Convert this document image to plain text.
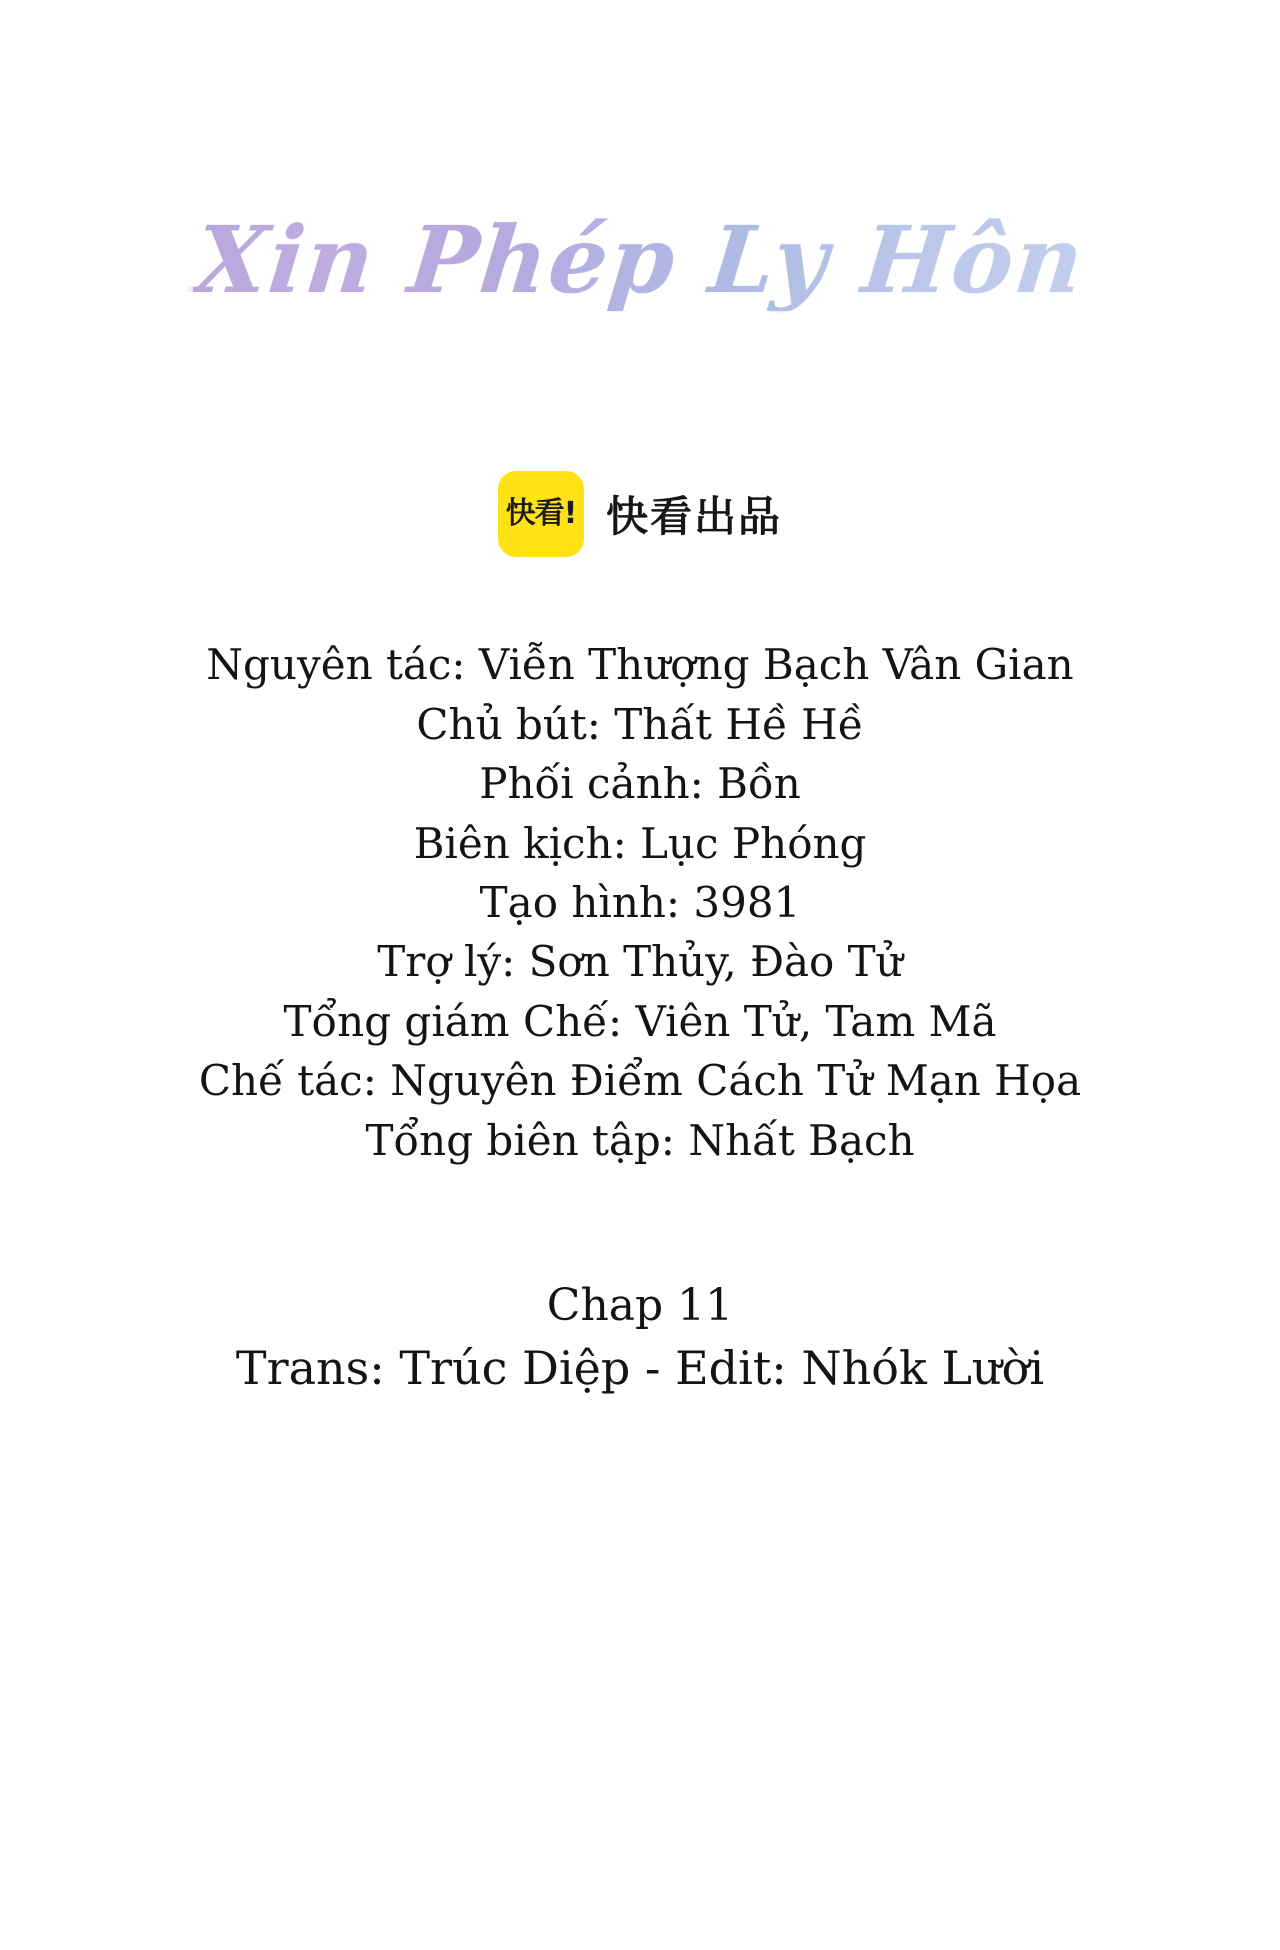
Xin Phép Ly Hôn
快看! 快看出品
Nguyên tác: Viễn Thượng Bạch Vân Gian
Chủ bút: Thất Hề Hề
Phối cảnh: Bồn
Biên kịch: Lục Phóng
Tạo hình: 3981
Trợ lý: Sơn Thủy, Đào Tử
Tổng giám Chế: Viên Tử, Tam Mã
Chế tác: Nguyên Điểm Cách Tử Mạn Họa
Tổng biên tập: Nhất Bạch
Chap 11
Trans: Trúc Diệp - Edit: Nhók Lười
